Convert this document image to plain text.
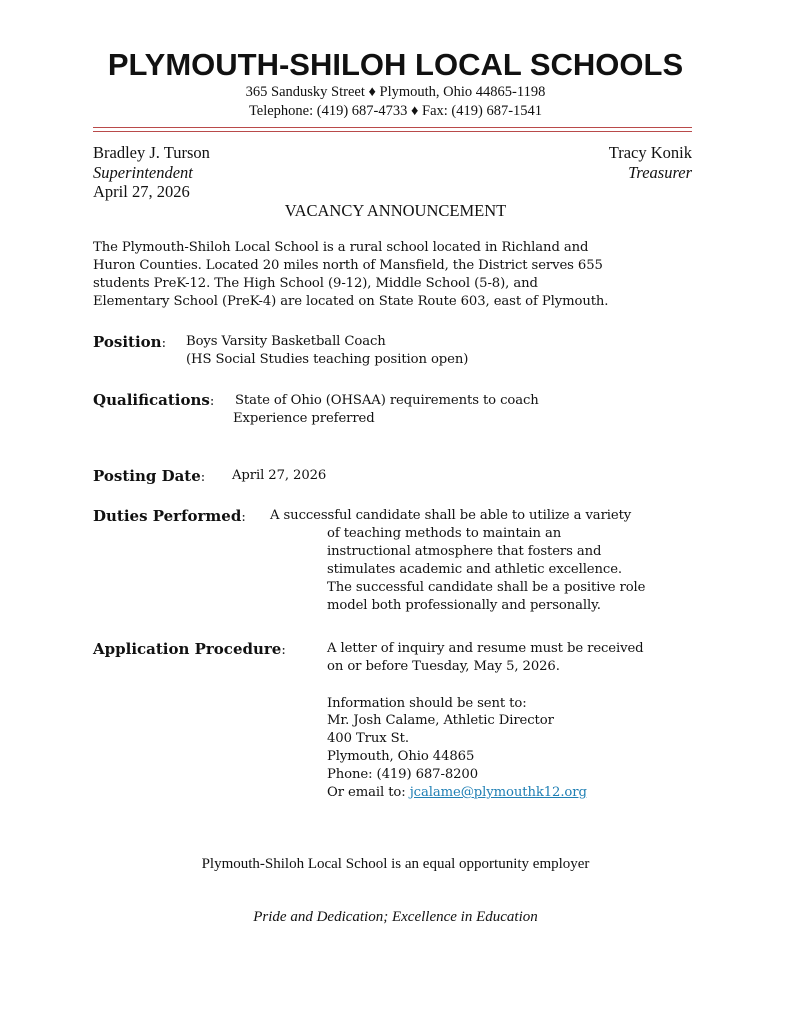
PLYMOUTH-SHILOH LOCAL SCHOOLS
365 Sandusky Street ♦ Plymouth, Ohio 44865-1198
Telephone: (419) 687-4733 ♦ Fax: (419) 687-1541
Bradley J. Turson
Superintendent
April 27, 2026
Tracy Konik
Treasurer
VACANCY ANNOUNCEMENT
The Plymouth-Shiloh Local School is a rural school located in Richland and
Huron Counties. Located 20 miles north of Mansfield, the District serves 655
students PreK-12. The High School (9-12), Middle School (5-8), and
Elementary School (PreK-4) are located on State Route 603, east of Plymouth.
Position: Boys Varsity Basketball Coach
(HS Social Studies teaching position open)
Qualifications: State of Ohio (OHSAA) requirements to coach
Experience preferred
Posting Date: April 27, 2026
Duties Performed: A successful candidate shall be able to utilize a variety
of teaching methods to maintain an
instructional atmosphere that fosters and
stimulates academic and athletic excellence.
The successful candidate shall be a positive role
model both professionally and personally.
Application Procedure:	A letter of inquiry and resume must be received
on or before Tuesday, May 5, 2026.
Information should be sent to:
Mr. Josh Calame, Athletic Director
400 Trux St.
Plymouth, Ohio 44865
Phone: (419) 687-8200
Or email to: jcalame@plymouthk12.org
Plymouth-Shiloh Local School is an equal opportunity employer
Pride and Dedication; Excellence in Education
